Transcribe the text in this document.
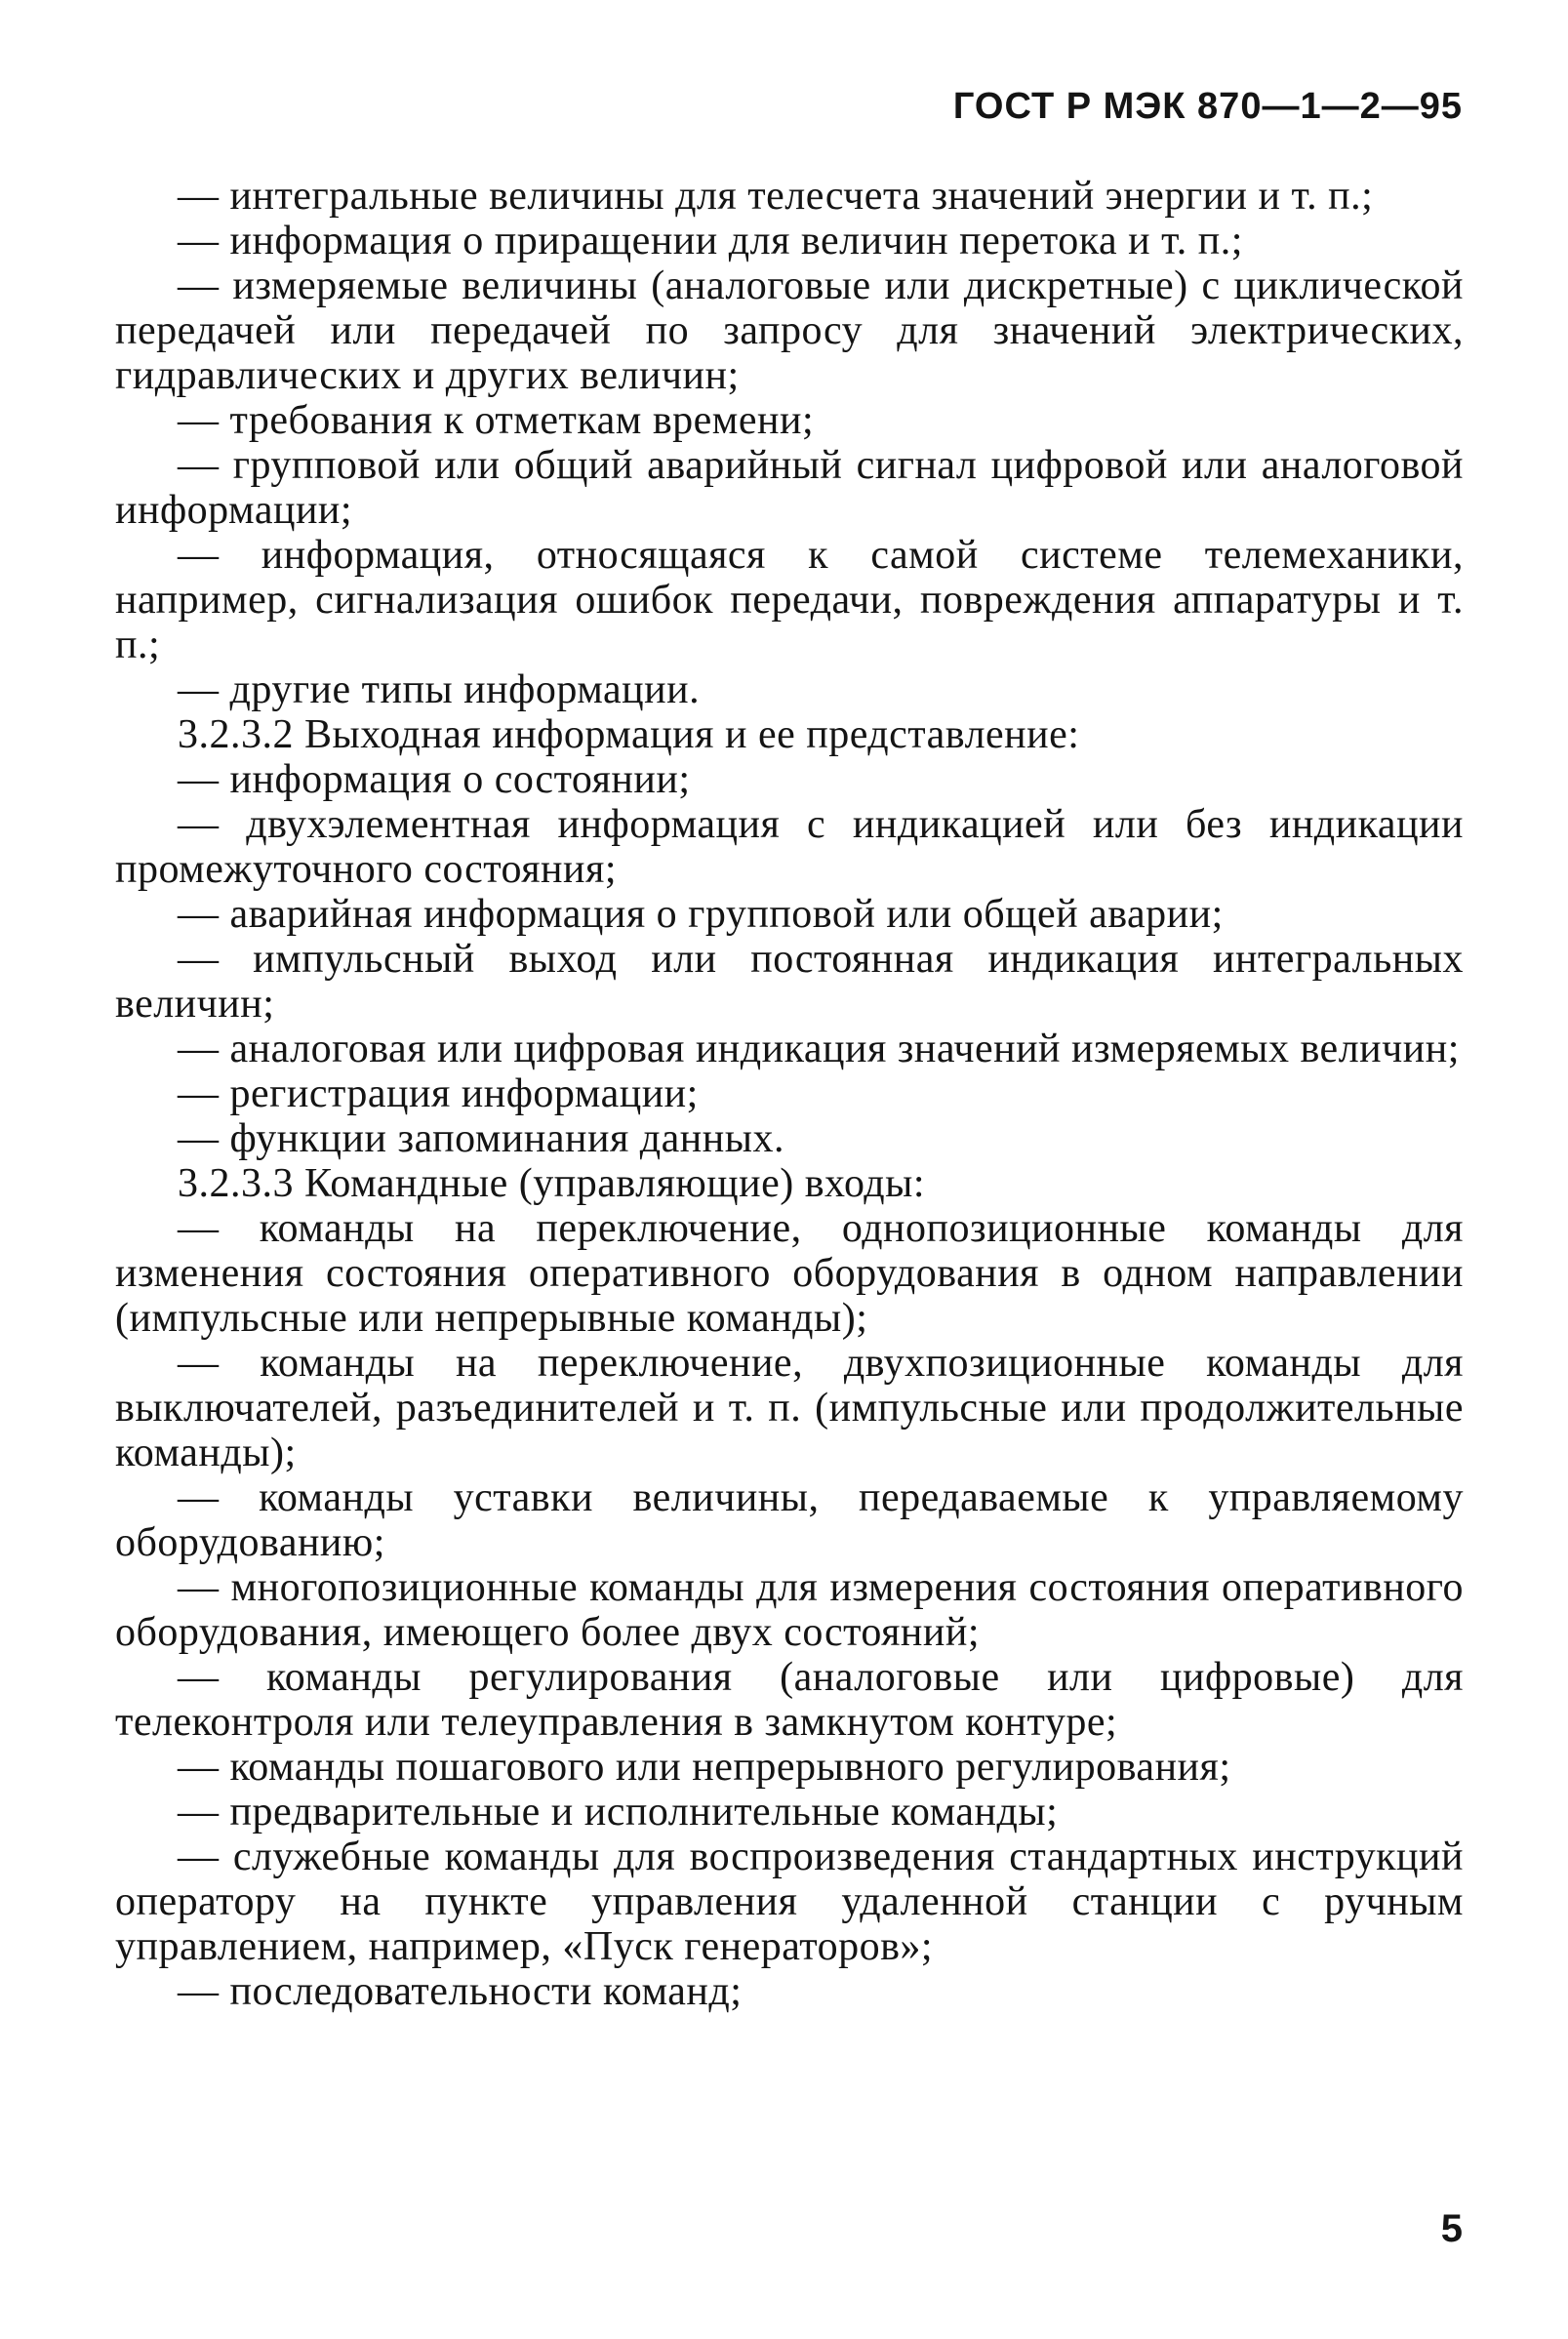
ГОСТ Р МЭК 870—1—2—95

— интегральные величины для телесчета значений энергии и т. п.;

— информация о приращении для величин перетока и т. п.;

— измеряемые величины (аналоговые или дискретные) с циклической передачей или передачей по запросу для значений электрических, гидравлических и других величин;

— требования к отметкам времени;

— групповой или общий аварийный сигнал цифровой или аналоговой информации;

— информация, относящаяся к самой системе телемеханики, например, сигнализация ошибок передачи, повреждения аппаратуры и т. п.;

— другие типы информации.

3.2.3.2 Выходная информация и ее представление:

— информация о состоянии;

— двухэлементная информация с индикацией или без индикации промежуточного состояния;

— аварийная информация о групповой или общей аварии;

— импульсный выход или постоянная индикация интегральных величин;

— аналоговая или цифровая индикация значений измеряемых величин;

— регистрация информации;

— функции запоминания данных.

3.2.3.3 Командные (управляющие) входы:

— команды на переключение, однопозиционные команды для изменения состояния оперативного оборудования в одном направлении (импульсные или непрерывные команды);

— команды на переключение, двухпозиционные команды для выключателей, разъединителей и т. п. (импульсные или продолжительные команды);

— команды уставки величины, передаваемые к управляемому оборудованию;

— многопозиционные команды для измерения состояния оперативного оборудования, имеющего более двух состояний;

— команды регулирования (аналоговые или цифровые) для телеконтроля или телеуправления в замкнутом контуре;

— команды пошагового или непрерывного регулирования;

— предварительные и исполнительные команды;

— служебные команды для воспроизведения стандартных инструкций оператору на пункте управления удаленной станции с ручным управлением, например, «Пуск генераторов»;

— последовательности команд;

5
